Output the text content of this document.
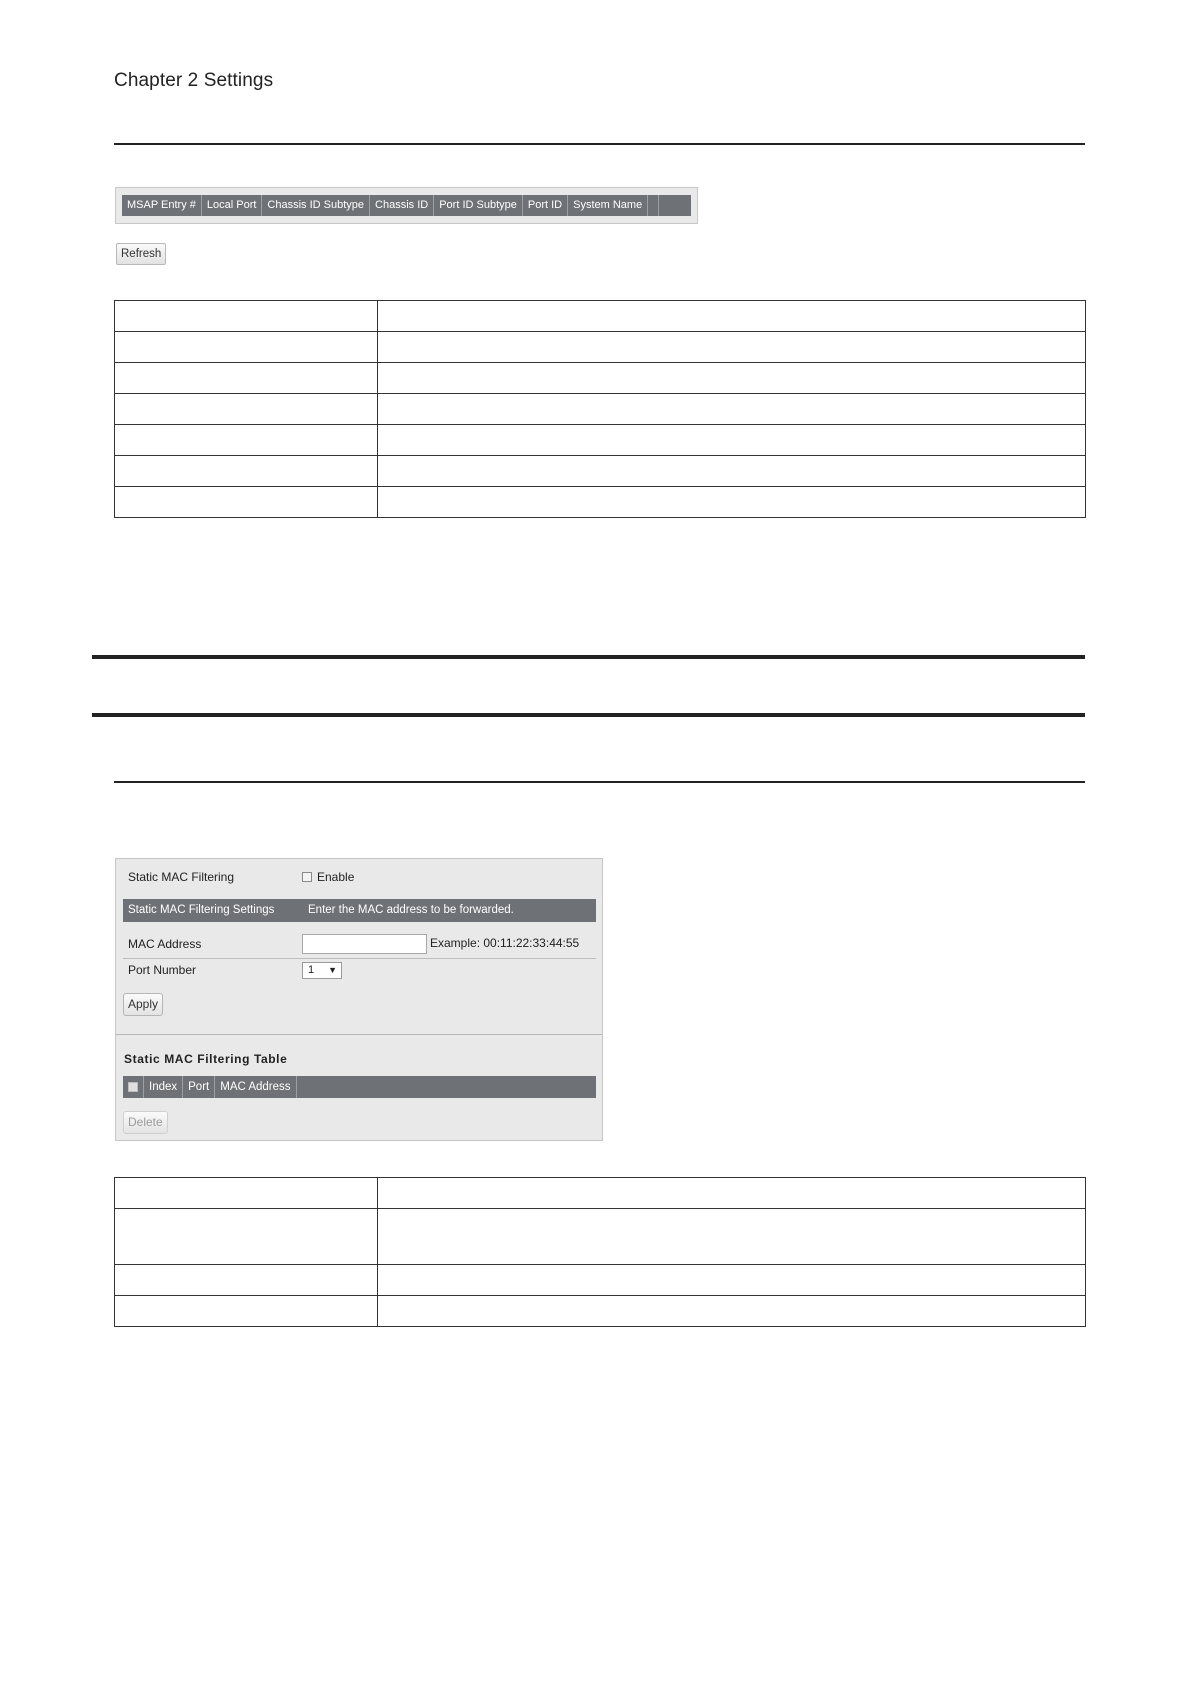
Chapter 2 Settings
MSAP Entry #	Local Port	Chassis ID Subtype	Chassis ID	Port ID Subtype	Port ID	System Name
Refresh

Static MAC Filtering	Enable
Static MAC Filtering Settings	Enter the MAC address to be forwarded.
MAC Address	Example: 00:11:22:33:44:55
Port Number	1 ▼
Apply
Static MAC Filtering Table
Index Port MAC Address
Delete
